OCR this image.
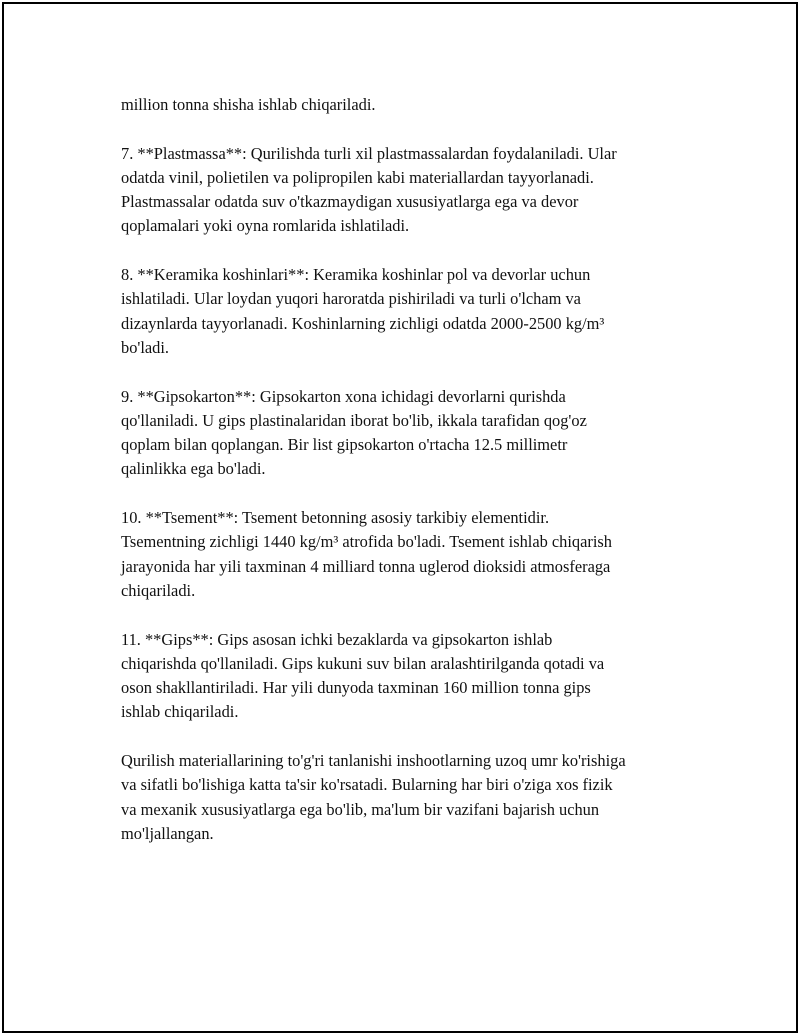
million tonna shisha ishlab chiqariladi.

7. **Plastmassa**: Qurilishda turli xil plastmassalardan foydalaniladi. Ular
odatda vinil, polietilen va polipropilen kabi materiallardan tayyorlanadi.
Plastmassalar odatda suv o'tkazmaydigan xususiyatlarga ega va devor
qoplamalari yoki oyna romlarida ishlatiladi.

8. **Keramika koshinlari**: Keramika koshinlar pol va devorlar uchun
ishlatiladi. Ular loydan yuqori haroratda pishiriladi va turli o'lcham va
dizaynlarda tayyorlanadi. Koshinlarning zichligi odatda 2000-2500 kg/m³
bo'ladi.

9. **Gipsokarton**: Gipsokarton xona ichidagi devorlarni qurishda
qo'llaniladi. U gips plastinalaridan iborat bo'lib, ikkala tarafidan qog'oz
qoplam bilan qoplangan. Bir list gipsokarton o'rtacha 12.5 millimetr
qalinlikka ega bo'ladi.

10. **Tsement**: Tsement betonning asosiy tarkibiy elementidir.
Tsementning zichligi 1440 kg/m³ atrofida bo'ladi. Tsement ishlab chiqarish
jarayonida har yili taxminan 4 milliard tonna uglerod dioksidi atmosferaga
chiqariladi.

11. **Gips**: Gips asosan ichki bezaklarda va gipsokarton ishlab
chiqarishda qo'llaniladi. Gips kukuni suv bilan aralashtirilganda qotadi va
oson shakllantiriladi. Har yili dunyoda taxminan 160 million tonna gips
ishlab chiqariladi.

Qurilish materiallarining to'g'ri tanlanishi inshootlarning uzoq umr ko'rishiga
va sifatli bo'lishiga katta ta'sir ko'rsatadi. Bularning har biri o'ziga xos fizik
va mexanik xususiyatlarga ega bo'lib, ma'lum bir vazifani bajarish uchun
mo'ljallangan.
